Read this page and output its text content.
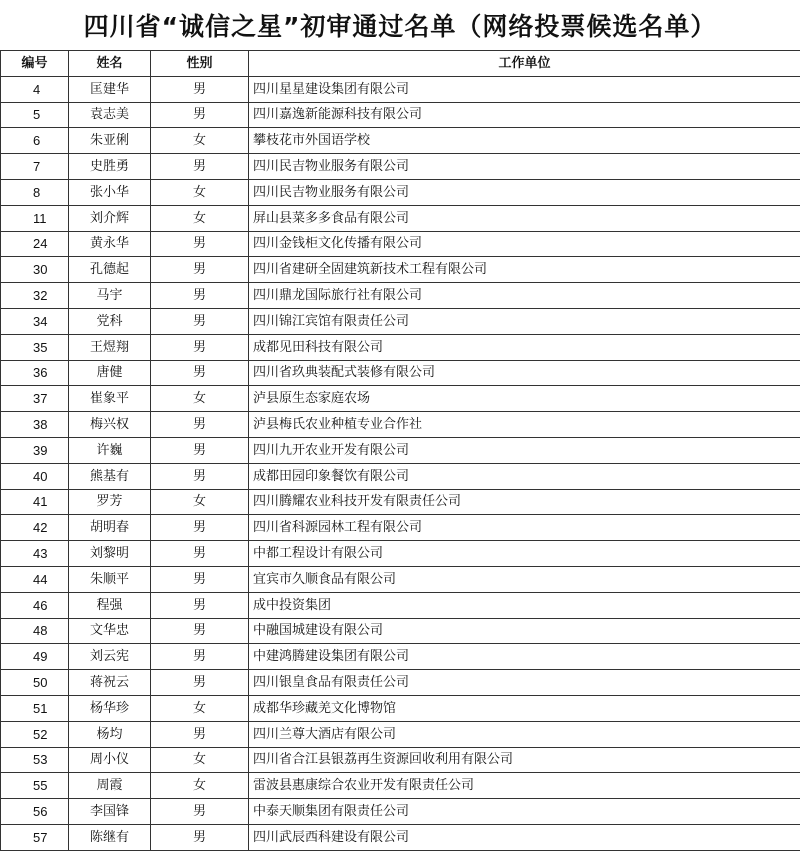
四川省“诚信之星”初审通过名单（网络投票候选名单）
编号	姓名	性别	工作单位
4	匡建华	男	四川星星建设集团有限公司
5	袁志美	男	四川嘉逸新能源科技有限公司
6	朱亚俐	女	攀枝花市外国语学校
7	史胜勇	男	四川民吉物业服务有限公司
8	张小华	女	四川民吉物业服务有限公司
11	刘介辉	女	屏山县菜多多食品有限公司
24	黄永华	男	四川金钱柜文化传播有限公司
30	孔德起	男	四川省建研全固建筑新技术工程有限公司
32	马宇	男	四川鼎龙国际旅行社有限公司
34	党科	男	四川锦江宾馆有限责任公司
35	王煜翔	男	成都见田科技有限公司
36	唐健	男	四川省玖典装配式装修有限公司
37	崔象平	女	泸县原生态家庭农场
38	梅兴权	男	泸县梅氏农业种植专业合作社
39	许巍	男	四川九开农业开发有限公司
40	熊基有	男	成都田园印象餐饮有限公司
41	罗芳	女	四川腾耀农业科技开发有限责任公司
42	胡明春	男	四川省科源园林工程有限公司
43	刘黎明	男	中都工程设计有限公司
44	朱顺平	男	宜宾市久顺食品有限公司
46	程强	男	成中投资集团
48	文华忠	男	中融国城建设有限公司
49	刘云宪	男	中建鸿腾建设集团有限公司
50	蒋祝云	男	四川银皇食品有限责任公司
51	杨华珍	女	成都华珍藏羌文化博物馆
52	杨均	男	四川兰尊大酒店有限公司
53	周小仪	女	四川省合江县银荔再生资源回收利用有限公司
55	周霞	女	雷波县惠康综合农业开发有限责任公司
56	李国锋	男	中泰天顺集团有限责任公司
57	陈继有	男	四川武辰西科建设有限公司
